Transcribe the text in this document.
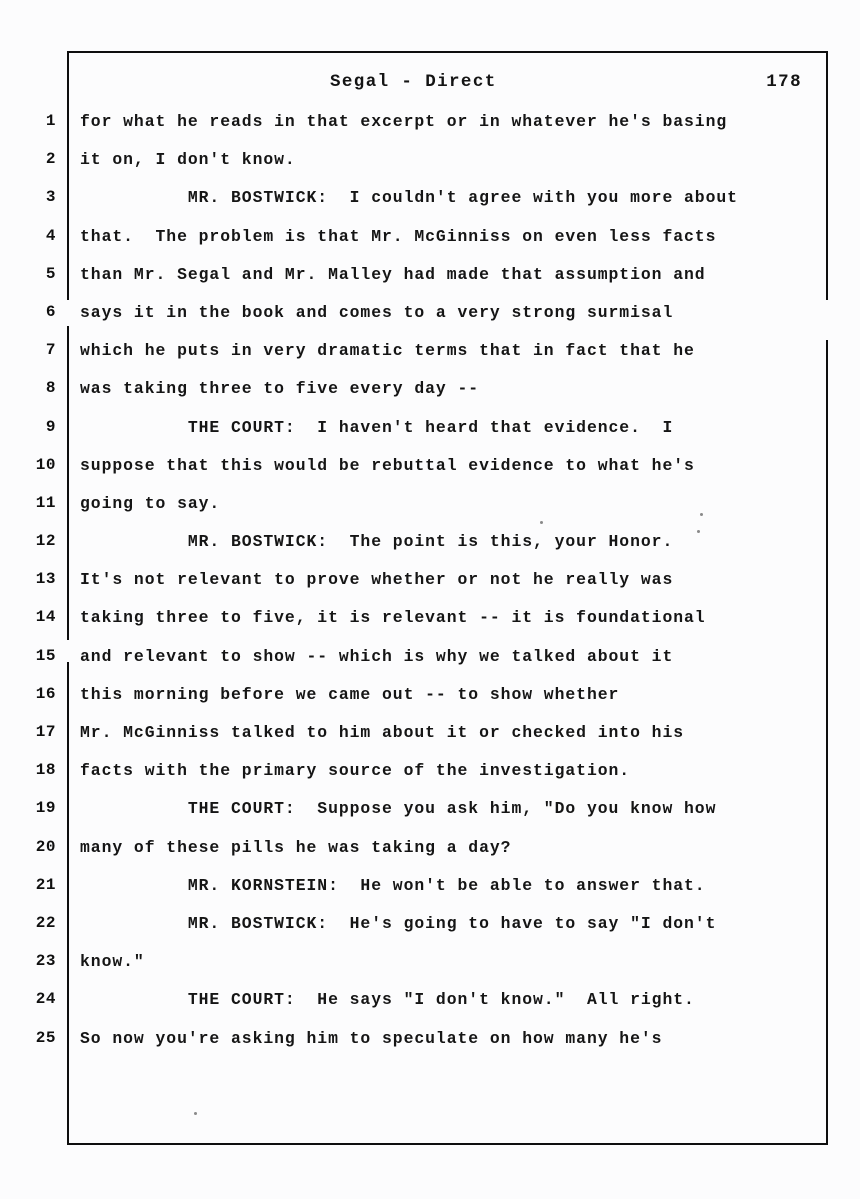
Segal - Direct	178
1 for what he reads in that excerpt or in whatever he's basing
2 it on, I don't know.
3 MR. BOSTWICK:  I couldn't agree with you more about
4 that.  The problem is that Mr. McGinniss on even less facts
5 than Mr. Segal and Mr. Malley had made that assumption and
6 says it in the book and comes to a very strong surmisal
7 which he puts in very dramatic terms that in fact that he
8 was taking three to five every day --
9 THE COURT:  I haven't heard that evidence.  I
10 suppose that this would be rebuttal evidence to what he's
11 going to say.
12 MR. BOSTWICK:  The point is this, your Honor.
13 It's not relevant to prove whether or not he really was
14 taking three to five, it is relevant -- it is foundational
15 and relevant to show -- which is why we talked about it
16 this morning before we came out -- to show whether
17 Mr. McGinniss talked to him about it or checked into his
18 facts with the primary source of the investigation.
19 THE COURT:  Suppose you ask him, "Do you know how
20 many of these pills he was taking a day?
21 MR. KORNSTEIN:  He won't be able to answer that.
22 MR. BOSTWICK:  He's going to have to say "I don't
23 know."
24 THE COURT:  He says "I don't know."  All right.
25 So now you're asking him to speculate on how many he's
